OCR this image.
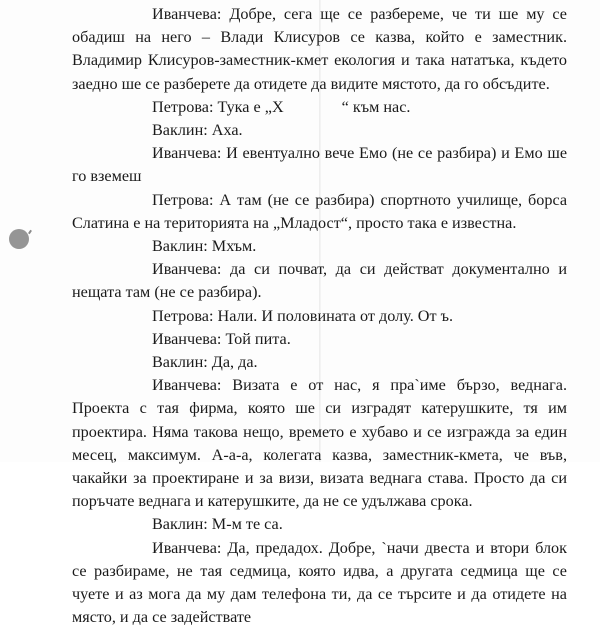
Иванчева: Добре, сега ще се разбереме, че ти ше му се обадиш на него – Влади Клисуров се казва, който е заместник. Владимир Клисуров-заместник-кмет екология и така нататъка, където заедно ше се разберете да отидете да видите мястото, да го обсъдите.

Петрова: Тука е „Х	“ към нас.

Ваклин: Аха.

Иванчева: И евентуално вече Емо (не се разбира) и Емо ше го вземеш

Петрова: А там (не се разбира) спортното училище, борса Слатина е на територията на „Младост“, просто така е известна.

Ваклин: Мхъм.

Иванчева: да си почват, да си действат документално и нещата там (не се разбира).

Петрова: Нали. И половината от долу. От ъ.

Иванчева: Той пита.

Ваклин: Да, да.

Иванчева: Визата е от нас, я пра`име бързо, веднага. Проекта с тая фирма, която ше си изградят катерушките, тя им проектира. Няма такова нещо, времето е хубаво и се изгражда за един месец, максимум. А-а-а, колегата казва, заместник-кмета, че във, чакайки за проектиране и за визи, визата веднага става. Просто да си поръчате веднага и катерушките, да не се удължава срока.

Ваклин: М-м те са.

Иванчева: Да, предадох. Добре, `начи двеста и втори блок се разбираме, не тая седмица, която идва, а другата седмица ще се чуете и аз мога да му дам телефона ти, да се търсите и да отидете на място, и да се задействате
